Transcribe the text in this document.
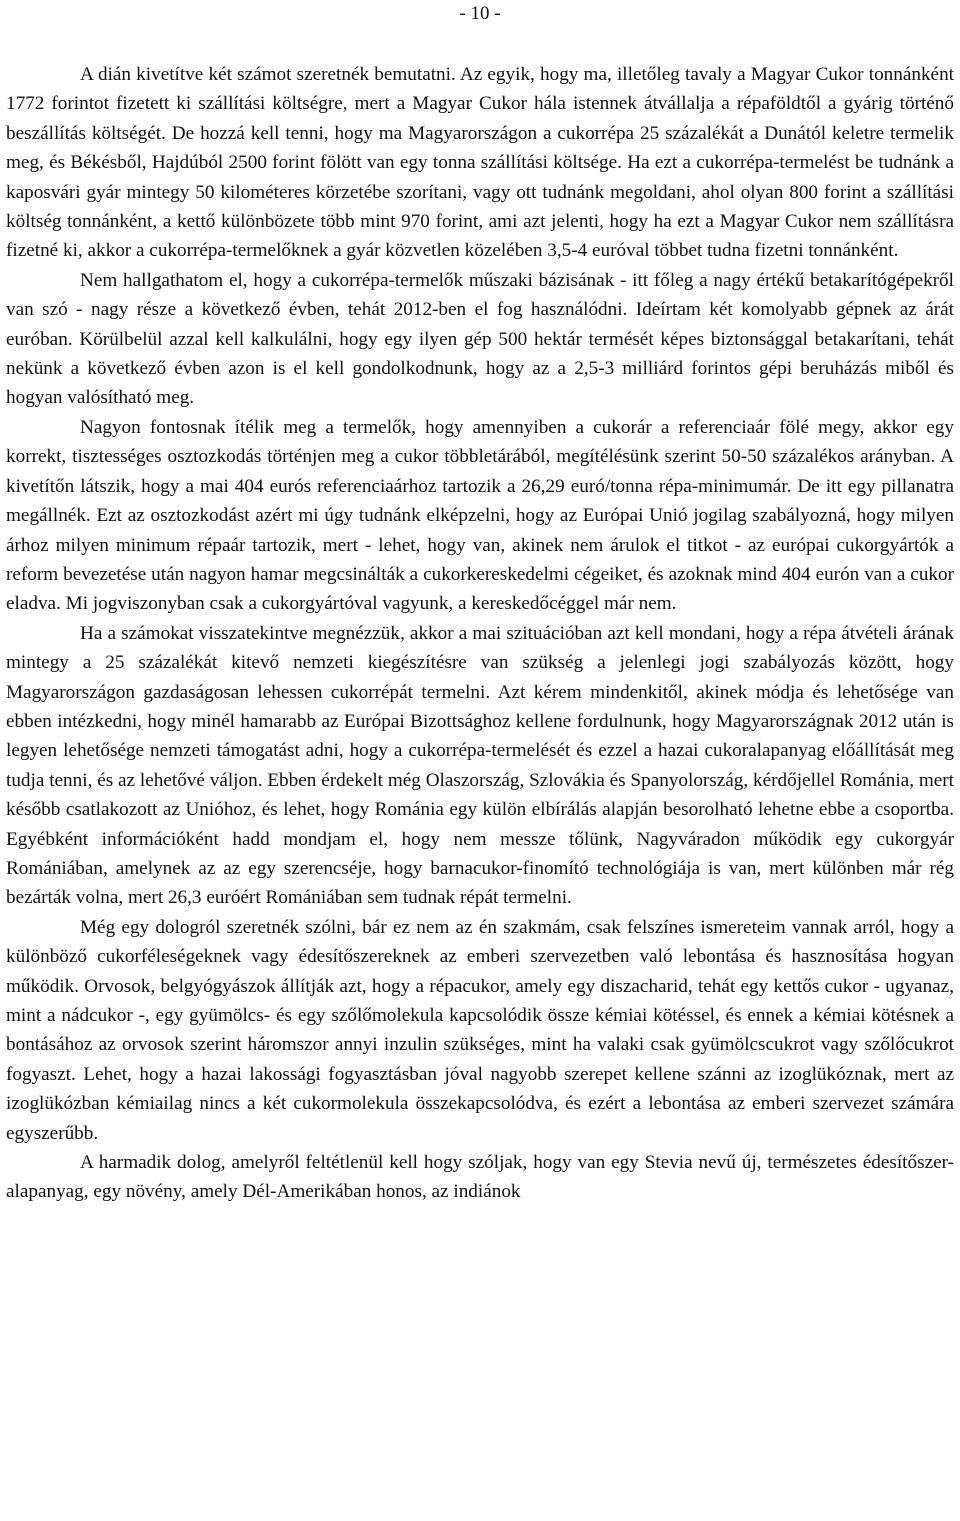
- 10 -

A dián kivetítve két számot szeretnék bemutatni. Az egyik, hogy ma, illetőleg tavaly a Magyar Cukor tonnánként 1772 forintot fizetett ki szállítási költségre, mert a Magyar Cukor hála istennek átvállalja a répaföldtől a gyárig történő beszállítás költségét. De hozzá kell tenni, hogy ma Magyarországon a cukorrépa 25 százalékát a Dunától keletre termelik meg, és Békésből, Hajdúból 2500 forint fölött van egy tonna szállítási költsége. Ha ezt a cukorrépa-termelést be tudnánk a kaposvári gyár mintegy 50 kilométeres körzetébe szorítani, vagy ott tudnánk megoldani, ahol olyan 800 forint a szállítási költség tonnánként, a kettő különbözete több mint 970 forint, ami azt jelenti, hogy ha ezt a Magyar Cukor nem szállításra fizetné ki, akkor a cukorrépa-termelőknek a gyár közvetlen közelében 3,5-4 euróval többet tudna fizetni tonnánként.

Nem hallgathatom el, hogy a cukorrépa-termelők műszaki bázisának - itt főleg a nagy értékű betakarítógépekről van szó - nagy része a következő évben, tehát 2012-ben el fog használódni. Ideírtam két komolyabb gépnek az árát euróban. Körülbelül azzal kell kalkulálni, hogy egy ilyen gép 500 hektár termését képes biztonsággal betakarítani, tehát nekünk a következő évben azon is el kell gondolkodnunk, hogy az a 2,5-3 milliárd forintos gépi beruházás miből és hogyan valósítható meg.

Nagyon fontosnak ítélik meg a termelők, hogy amennyiben a cukorár a referenciaár fölé megy, akkor egy korrekt, tisztességes osztozkodás történjen meg a cukor többletárából, megítélésünk szerint 50-50 százalékos arányban. A kivetítőn látszik, hogy a mai 404 eurós referenciaárhoz tartozik a 26,29 euró/tonna répa-minimumár. De itt egy pillanatra megállnék. Ezt az osztozkodást azért mi úgy tudnánk elképzelni, hogy az Európai Unió jogilag szabályozná, hogy milyen árhoz milyen minimum répaár tartozik, mert - lehet, hogy van, akinek nem árulok el titkot - az európai cukorgyártók a reform bevezetése után nagyon hamar megcsinálták a cukorkereskedelmi cégeiket, és azoknak mind 404 eurón van a cukor eladva. Mi jogviszonyban csak a cukorgyártóval vagyunk, a kereskedőcéggel már nem.

Ha a számokat visszatekintve megnézzük, akkor a mai szituációban azt kell mondani, hogy a répa átvételi árának mintegy a 25 százalékát kitevő nemzeti kiegészítésre van szükség a jelenlegi jogi szabályozás között, hogy Magyarországon gazdaságosan lehessen cukorrépát termelni. Azt kérem mindenkitől, akinek módja és lehetősége van ebben intézkedni, hogy minél hamarabb az Európai Bizottsághoz kellene fordulnunk, hogy Magyarországnak 2012 után is legyen lehetősége nemzeti támogatást adni, hogy a cukorrépa-termelését és ezzel a hazai cukoralapanyag előállítását meg tudja tenni, és az lehetővé váljon. Ebben érdekelt még Olaszország, Szlovákia és Spanyolország, kérdőjellel Románia, mert később csatlakozott az Unióhoz, és lehet, hogy Románia egy külön elbírálás alapján besorolható lehetne ebbe a csoportba. Egyébként információként hadd mondjam el, hogy nem messze tőlünk, Nagyváradon működik egy cukorgyár Romániában, amelynek az az egy szerencséje, hogy barnacukor-finomító technológiája is van, mert különben már rég bezárták volna, mert 26,3 euróért Romániában sem tudnak répát termelni.

Még egy dologról szeretnék szólni, bár ez nem az én szakmám, csak felszínes ismereteim vannak arról, hogy a különböző cukorféleségeknek vagy édesítőszereknek az emberi szervezetben való lebontása és hasznosítása hogyan működik. Orvosok, belgyógyászok állítják azt, hogy a répacukor, amely egy diszacharid, tehát egy kettős cukor - ugyanaz, mint a nádcukor -, egy gyümölcs- és egy szőlőmolekula kapcsolódik össze kémiai kötéssel, és ennek a kémiai kötésnek a bontásához az orvosok szerint háromszor annyi inzulin szükséges, mint ha valaki csak gyümölcscukrot vagy szőlőcukrot fogyaszt. Lehet, hogy a hazai lakossági fogyasztásban jóval nagyobb szerepet kellene szánni az izoglükóznak, mert az izoglükózban kémiailag nincs a két cukormolekula összekapcsolódva, és ezért a lebontása az emberi szervezet számára egyszerűbb.

A harmadik dolog, amelyről feltétlenül kell hogy szóljak, hogy van egy Stevia nevű új, természetes édesítőszer-alapanyag, egy növény, amely Dél-Amerikában honos, az indiánok
